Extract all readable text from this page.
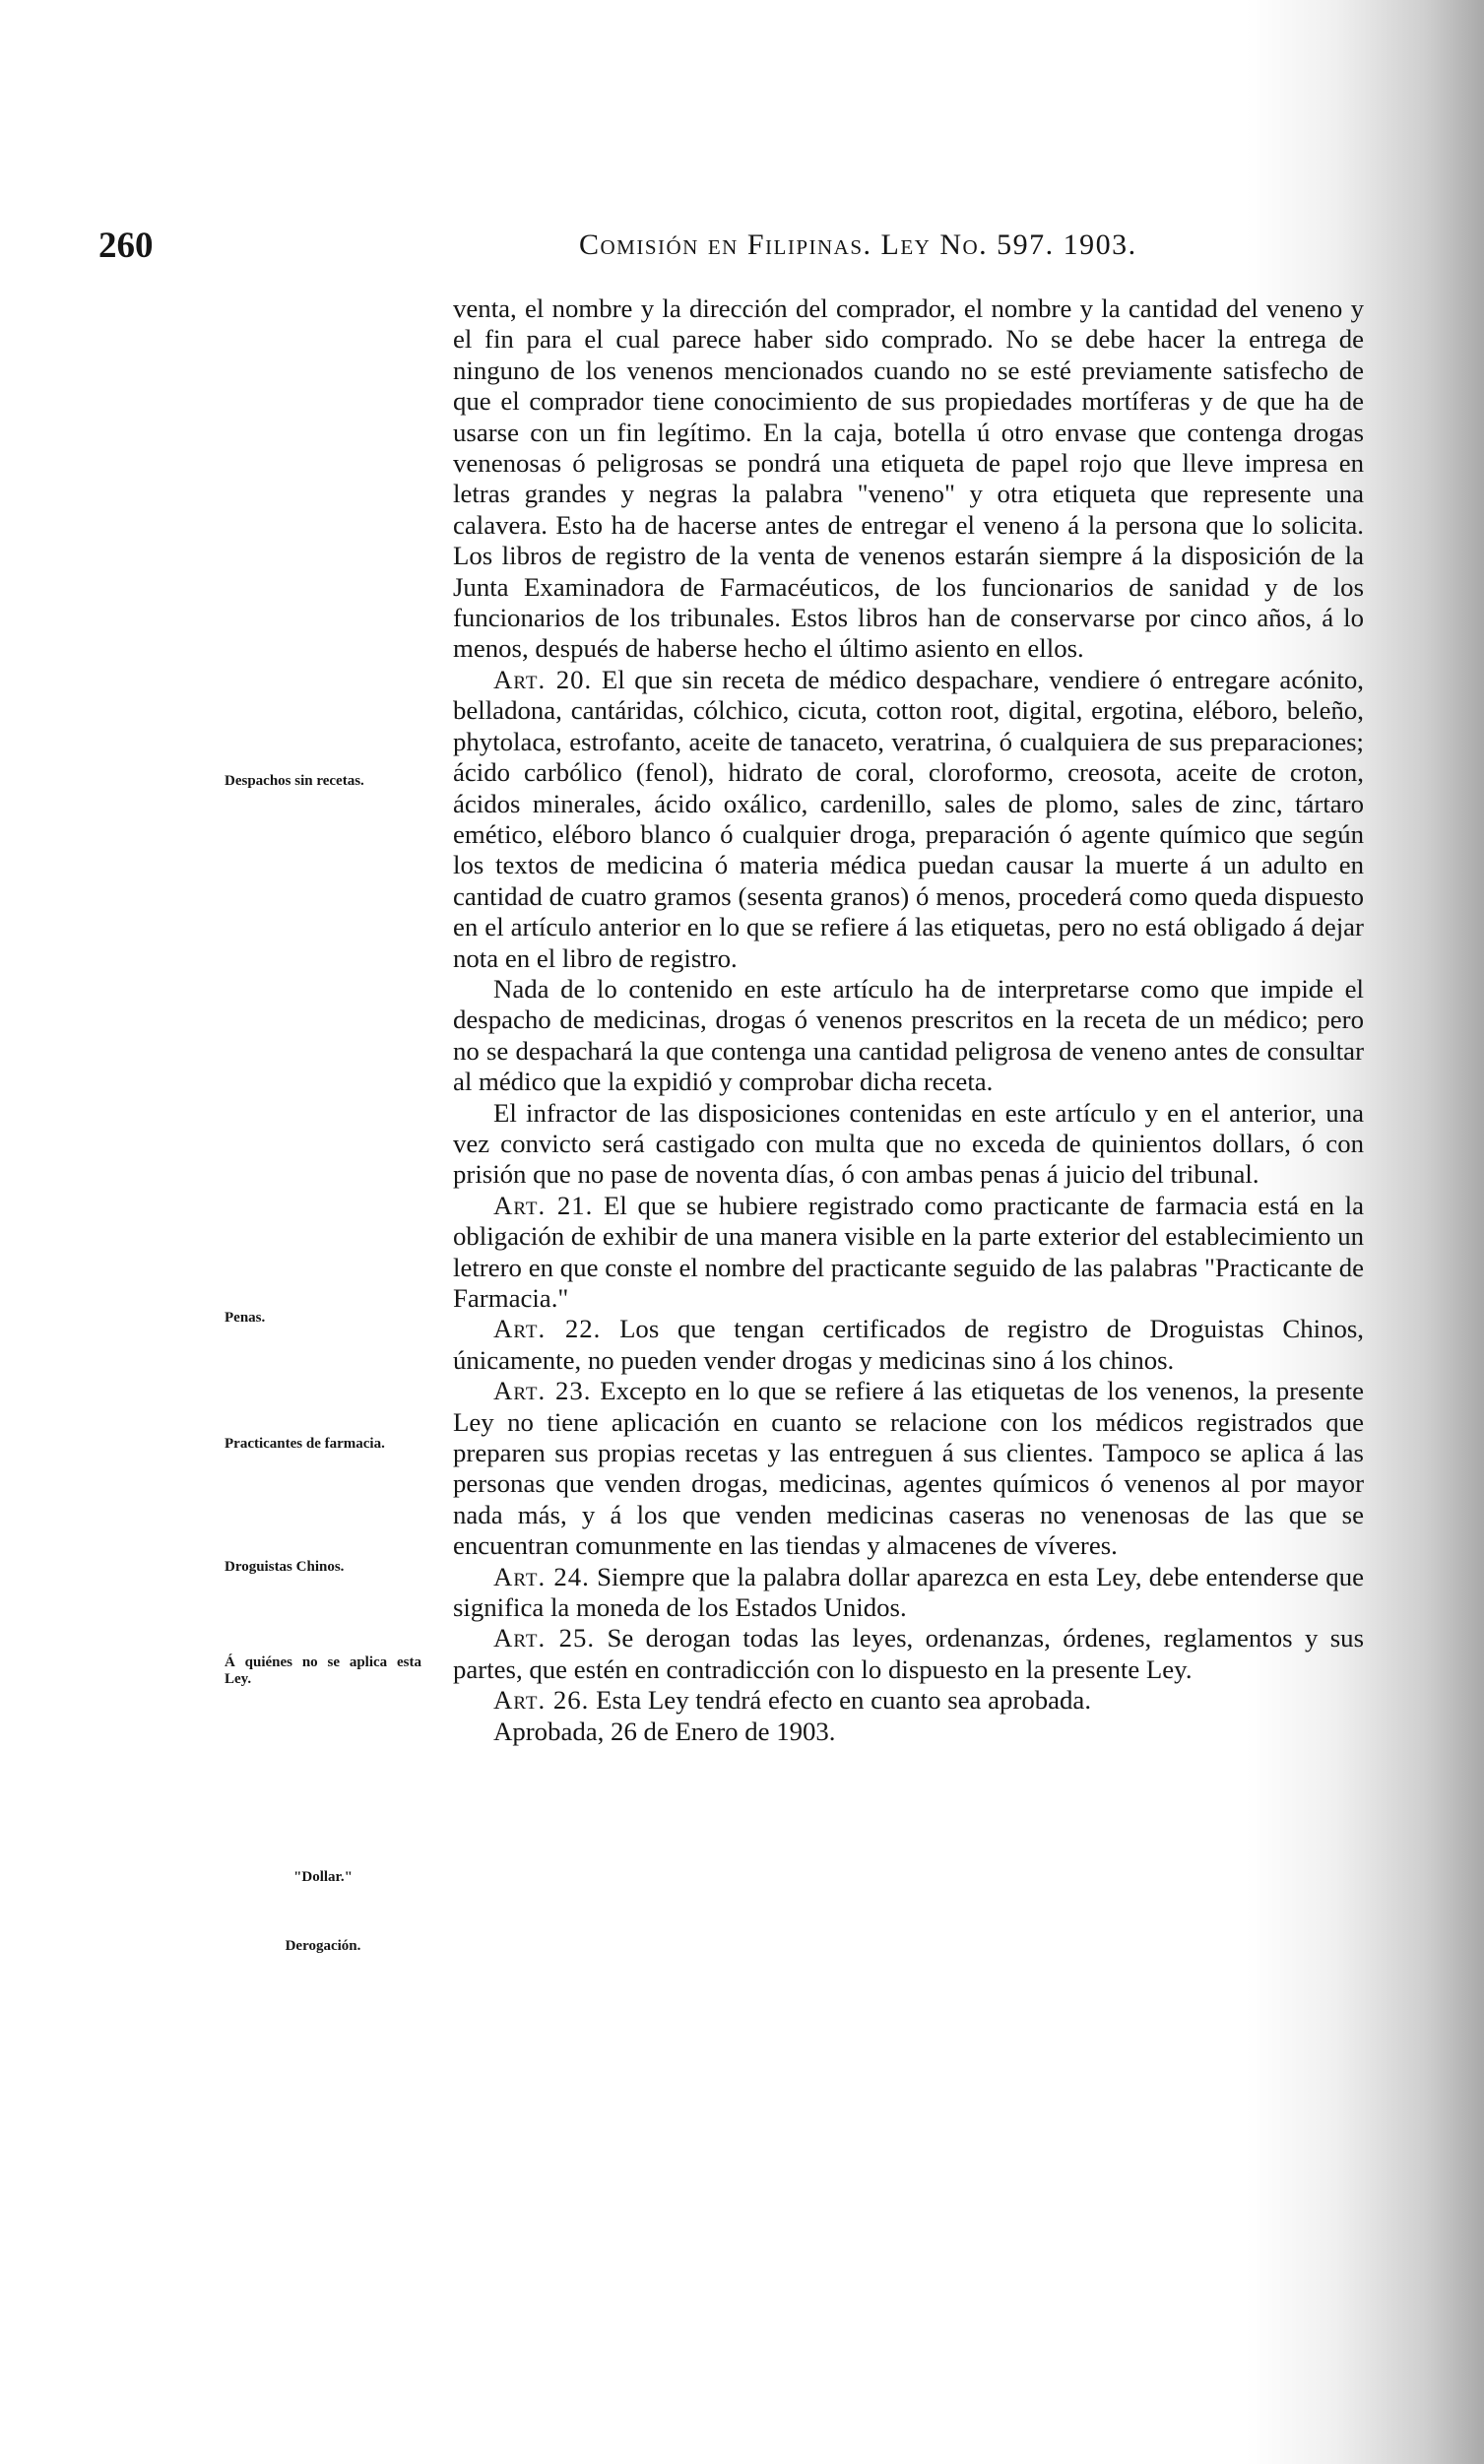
260	Comisión en Filipinas. Ley No. 597. 1903.
Despachos sin recetas.
Penas.
Practicantes de farmacia.
Droguistas Chinos.
Á quiénes no se aplica esta Ley.
"Dollar."
Derogación.

venta, el nombre y la dirección del comprador, el nombre y la cantidad del veneno y el fin para el cual parece haber sido comprado. No se debe hacer la entrega de ninguno de los venenos mencionados cuando no se esté previamente satisfecho de que el comprador tiene conocimiento de sus propiedades mortíferas y de que ha de usarse con un fin legítimo. En la caja, botella ú otro envase que contenga drogas venenosas ó peligrosas se pondrá una etiqueta de papel rojo que lleve impresa en letras grandes y negras la palabra "veneno" y otra etiqueta que represente una calavera. Esto ha de hacerse antes de entregar el veneno á la persona que lo solicita. Los libros de registro de la venta de venenos estarán siempre á la disposición de la Junta Examinadora de Farmacéuticos, de los funcionarios de sanidad y de los funcionarios de los tribunales. Estos libros han de conservarse por cinco años, á lo menos, después de haberse hecho el último asiento en ellos.

Art. 20. El que sin receta de médico despachare, vendiere ó entregare acónito, belladona, cantáridas, cólchico, cicuta, cotton root, digital, ergotina, eléboro, beleño, phytolaca, estrofanto, aceite de tanaceto, veratrina, ó cualquiera de sus preparaciones; ácido carbólico (fenol), hidrato de coral, cloroformo, creosota, aceite de croton, ácidos minerales, ácido oxálico, cardenillo, sales de plomo, sales de zinc, tártaro emético, eléboro blanco ó cualquier droga, preparación ó agente químico que según los textos de medicina ó materia médica puedan causar la muerte á un adulto en cantidad de cuatro gramos (sesenta granos) ó menos, procederá como queda dispuesto en el artículo anterior en lo que se refiere á las etiquetas, pero no está obligado á dejar nota en el libro de registro.

Nada de lo contenido en este artículo ha de interpretarse como que impide el despacho de medicinas, drogas ó venenos prescritos en la receta de un médico; pero no se despachará la que contenga una cantidad peligrosa de veneno antes de consultar al médico que la expidió y comprobar dicha receta.

El infractor de las disposiciones contenidas en este artículo y en el anterior, una vez convicto será castigado con multa que no exceda de quinientos dollars, ó con prisión que no pase de noventa días, ó con ambas penas á juicio del tribunal.

Art. 21. El que se hubiere registrado como practicante de farmacia está en la obligación de exhibir de una manera visible en la parte exterior del establecimiento un letrero en que conste el nombre del practicante seguido de las palabras "Practicante de Farmacia."

Art. 22. Los que tengan certificados de registro de Droguistas Chinos, únicamente, no pueden vender drogas y medicinas sino á los chinos.

Art. 23. Excepto en lo que se refiere á las etiquetas de los venenos, la presente Ley no tiene aplicación en cuanto se relacione con los médicos registrados que preparen sus propias recetas y las entreguen á sus clientes. Tampoco se aplica á las personas que venden drogas, medicinas, agentes químicos ó venenos al por mayor nada más, y á los que venden medicinas caseras no venenosas de las que se encuentran comunmente en las tiendas y almacenes de víveres.

Art. 24. Siempre que la palabra dollar aparezca en esta Ley, debe entenderse que significa la moneda de los Estados Unidos.

Art. 25. Se derogan todas las leyes, ordenanzas, órdenes, reglamentos y sus partes, que estén en contradicción con lo dispuesto en la presente Ley.

Art. 26. Esta Ley tendrá efecto en cuanto sea aprobada.

Aprobada, 26 de Enero de 1903.
